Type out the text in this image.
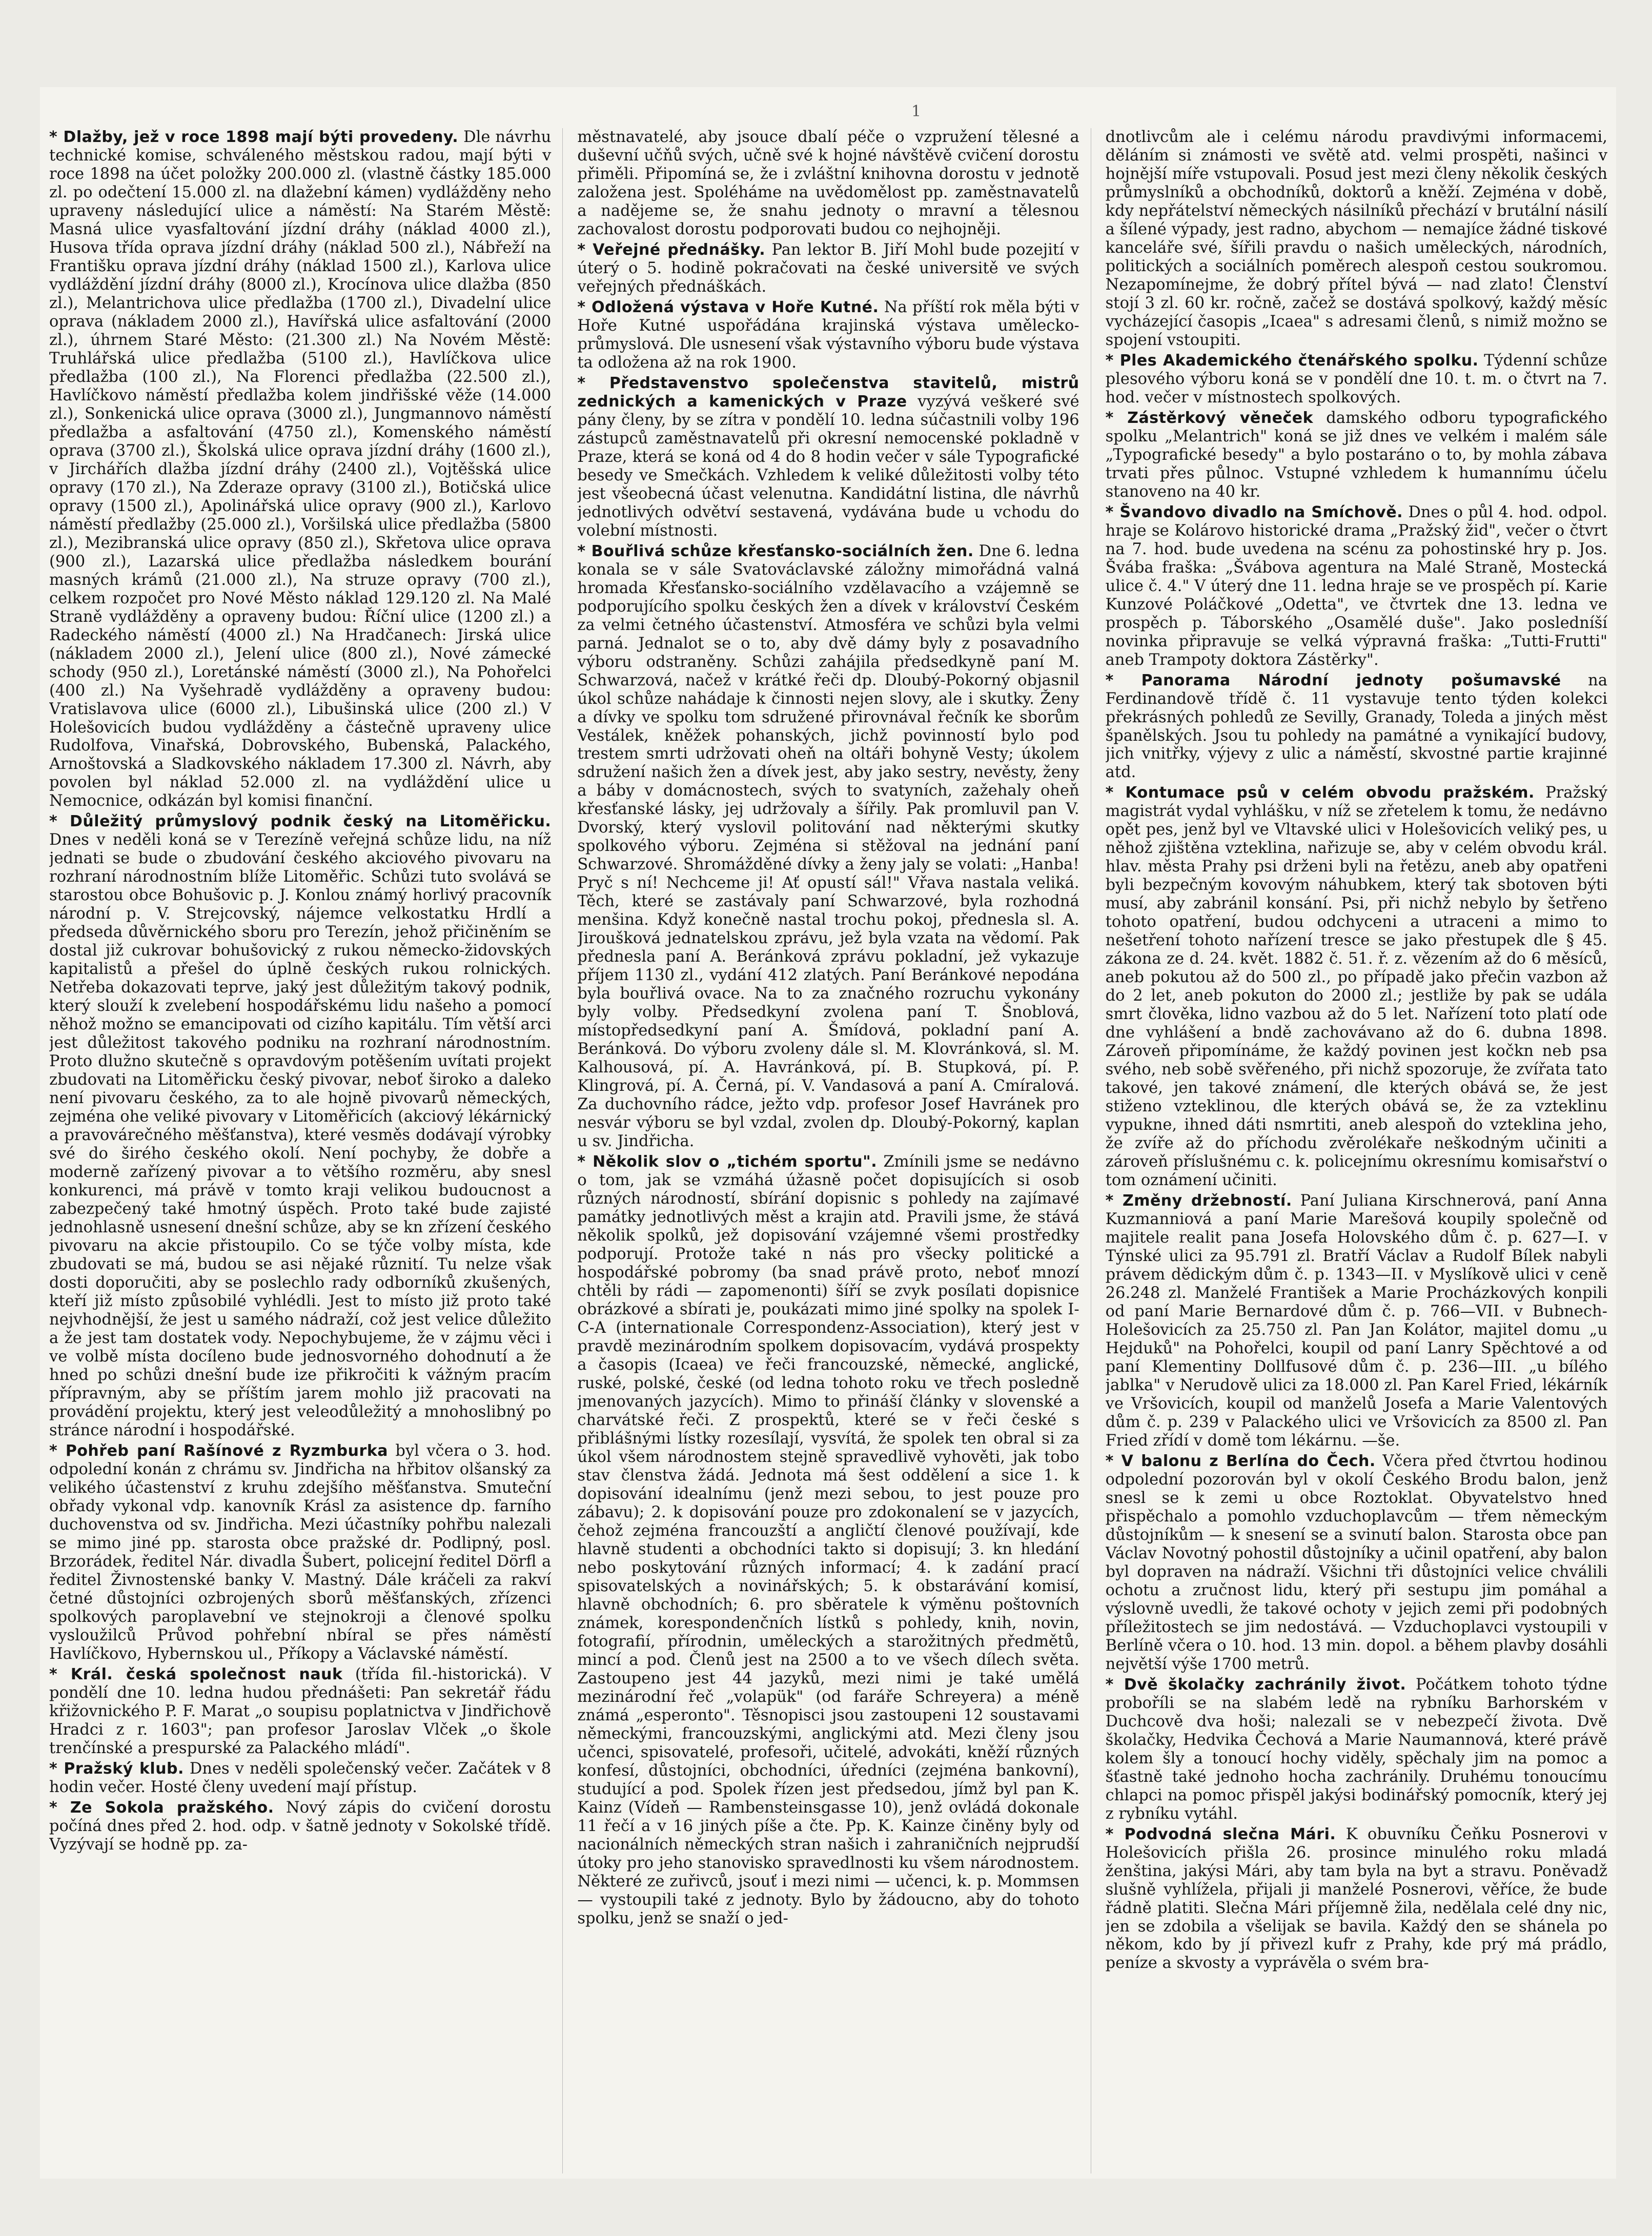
1

* Dlažby, jež v roce 1898 mají býti provedeny. Dle návrhu technické komise, schváleného městskou radou, mají býti v roce 1898 na účet položky 200.000 zl. (vlastně částky 185.000 zl. po odečtení 15.000 zl. na dlažební kámen) vydlážděny neho upraveny následující ulice a náměstí: Na Starém Městě: Masná ulice vyasfaltování jízdní dráhy (náklad 4000 zl.), Husova třída oprava jízdní dráhy (náklad 500 zl.), Nábřeží na Františku oprava jízdní dráhy (náklad 1500 zl.), Karlova ulice vydláždění jízdní dráhy (8000 zl.), Krocínova ulice dlažba (850 zl.), Melantrichova ulice předlažba (1700 zl.), Divadelní ulice oprava (nákladem 2000 zl.), Havířská ulice asfaltování (2000 zl.), úhrnem Staré Město: (21.300 zl.) Na Novém Městě: Truhlářská ulice předlažba (5100 zl.), Havlíčkova ulice předlažba (100 zl.), Na Florenci předlažba (22.500 zl.), Havlíčkovo náměstí předlažba kolem jindřišské věže (14.000 zl.), Sonkenická ulice oprava (3000 zl.), Jungmannovo náměstí předlažba a asfaltování (4750 zl.), Komenského náměstí oprava (3700 zl.), Školská ulice oprava jízdní dráhy (1600 zl.), v Jirchářích dlažba jízdní dráhy (2400 zl.), Vojtěšská ulice opravy (170 zl.), Na Zderaze opravy (3100 zl.), Botičská ulice opravy (1500 zl.), Apolinářská ulice opravy (900 zl.), Karlovo náměstí předlažby (25.000 zl.), Voršilská ulice předlažba (5800 zl.), Mezibranská ulice opravy (850 zl.), Skřetova ulice oprava (900 zl.), Lazarská ulice předlažba následkem bourání masných krámů (21.000 zl.), Na struze opravy (700 zl.), celkem rozpočet pro Nové Město náklad 129.120 zl. Na Malé Straně vydlážděny a opraveny budou: Říční ulice (1200 zl.) a Radeckého náměstí (4000 zl.) Na Hradčanech: Jirská ulice (nákladem 2000 zl.), Jelení ulice (800 zl.), Nové zámecké schody (950 zl.), Loretánské náměstí (3000 zl.), Na Pohořelci (400 zl.) Na Vyšehradě vydlážděny a opraveny budou: Vratislavova ulice (6000 zl.), Libušinská ulice (200 zl.) V Holešovicích budou vydlážděny a částečně upraveny ulice Rudolfova, Vinařská, Dobrovského, Bubenská, Palackého, Arnoštovská a Sladkovského nákladem 17.300 zl. Návrh, aby povolen byl náklad 52.000 zl. na vydláždění ulice u Nemocnice, odkázán byl komisi finanční.

* Důležitý průmyslový podnik český na Litoměřicku. Dnes v neděli koná se v Terezíně veřejná schůze lidu, na níž jednati se bude o zbudování českého akciového pivovaru na rozhraní národnostním blíže Litoměřic. Schůzi tuto svolává se starostou obce Bohušovic p. J. Konlou známý horlivý pracovník národní p. V. Strejcovský, nájemce velkostatku Hrdlí a předseda důvěrnického sboru pro Terezín, jehož přičiněním se dostal již cukrovar bohušovický z rukou německo-židovských kapitalistů a přešel do úplně českých rukou rolnických. Netřeba dokazovati teprve, jaký jest důležitým takový podnik, který slouží k zvelebení hospodářskému lidu našeho a pomocí něhož možno se emancipovati od cizího kapitálu. Tím větší arci jest důležitost takového podniku na rozhraní národnostním. Proto dlužno skutečně s opravdovým potěšením uvítati projekt zbudovati na Litoměřicku český pivovar, neboť široko a daleko není pivovaru českého, za to ale hojně pivovarů německých, zejména ohe veliké pivovary v Litoměřicích (akciový lékárnický a pravovárečného měšťanstva), které vesměs dodávají výrobky své do širého českého okolí. Není pochyby, že dobře a moderně zařízený pivovar a to většího rozměru, aby snesl konkurenci, má právě v tomto kraji velikou budoucnost a zabezpečený také hmotný úspěch. Proto také bude zajisté jednohlasně usnesení dnešní schůze, aby se kn zřízení českého pivovaru na akcie přistoupilo. Co se týče volby místa, kde zbudovati se má, budou se asi nějaké různití. Tu nelze však dosti doporučiti, aby se poslechlo rady odborníků zkušených, kteří již místo způsobilé vyhlédli. Jest to místo již proto také nejvhodnější, že jest u samého nádraží, což jest velice důležito a že jest tam dostatek vody. Nepochybujeme, že v zájmu věci i ve volbě místa docíleno bude jednosvorného dohodnutí a že hned po schůzi dnešní bude ize přikročiti k vážným pracím přípravným, aby se příštím jarem mohlo již pracovati na provádění projektu, který jest veleodůležitý a mnohoslibný po stránce národní i hospodářské.

* Pohřeb paní Rašínové z Ryzmburka byl včera o 3. hod. odpolední konán z chrámu sv. Jindřicha na hřbitov olšanský za velikého účastenství z kruhu zdejšího měšťanstva. Smuteční obřady vykonal vdp. kanovník Krásl za asistence dp. farního duchovenstva od sv. Jindřicha. Mezi účastníky pohřbu nalezali se mimo jiné pp. starosta obce pražské dr. Podlipný, posl. Brzorádek, ředitel Nár. divadla Šubert, policejní ředitel Dörfl a ředitel Živnostenské banky V. Mastný. Dále kráčeli za rakví četné důstojníci ozbrojených sborů měšťanských, zřízenci spolkových paroplavební ve stejnokroji a členové spolku vysloužilců Průvod pohřební nbíral se přes náměstí Havlíčkovo, Hybernskou ul., Příkopy a Václavské náměstí.

* Král. česká společnost nauk (třída fil.-historická). V pondělí dne 10. ledna hudou přednášeti: Pan sekretář řádu křižovnického P. F. Marat „o soupisu poplatnictva v Jindřichově Hradci z r. 1603"; pan profesor Jaroslav Vlček „o škole trenčínské a prespurské za Palackého mládí".

* Pražský klub. Dnes v neděli společenský večer. Začátek v 8 hodin večer. Hosté členy uvedení mají přístup.

* Ze Sokola pražského. Nový zápis do cvičení dorostu počíná dnes před 2. hod. odp. v šatně jednoty v Sokolské třídě. Vyzývají se hodně pp. za-

městnavatelé, aby jsouce dbalí péče o vzpružení tělesné a duševní učňů svých, učně své k hojné návštěvě cvičení dorostu přiměli. Připomíná se, že i zvláštní knihovna dorostu v jednotě založena jest. Spoléháme na uvědomělost pp. zaměstnavatelů a nadějeme se, že snahu jednoty o mravní a tělesnou zachovalost dorostu podporovati budou co nejhojněji.

* Veřejné přednášky. Pan lektor B. Jiří Mohl bude pozejití v úterý o 5. hodině pokračovati na české universitě ve svých veřejných přednáškách.

* Odložená výstava v Hoře Kutné. Na příští rok měla býti v Hoře Kutné uspořádána krajinská výstava umělecko-průmyslová. Dle usnesení však výstavního výboru bude výstava ta odložena až na rok 1900.

* Představenstvo společenstva stavitelů, mistrů zednických a kamenických v Praze vyzývá veškeré své pány členy, by se zítra v pondělí 10. ledna súčastnili volby 196 zástupců zaměstnavatelů při okresní nemocenské pokladně v Praze, která se koná od 4 do 8 hodin večer v sále Typografické besedy ve Smečkách. Vzhledem k veliké důležitosti volby této jest všeobecná účast velenutna. Kandidátní listina, dle návrhů jednotlivých odvětví sestavená, vydávána bude u vchodu do volební místnosti.

* Bouřlivá schůze křesťansko-sociálních žen. Dne 6. ledna konala se v sále Svatováclavské záložny mimořádná valná hromada Křesťansko-sociálního vzdělavacího a vzájemně se podporujícího spolku českých žen a dívek v království Českém za velmi četného účastenství. Atmosféra ve schůzi byla velmi parná. Jednalot se o to, aby dvě dámy byly z posavadního výboru odstraněny. Schůzi zahájila předsedkyně paní M. Schwarzová, načež v krátké řeči dp. Dloubý-Pokorný objasnil úkol schůze nahádaje k činnosti nejen slovy, ale i skutky. Ženy a dívky ve spolku tom sdružené přirovnával řečník ke sborům Vestálek, kněžek pohanských, jichž povinností bylo pod trestem smrti udržovati oheň na oltáři bohyně Vesty; úkolem sdružení našich žen a dívek jest, aby jako sestry, nevěsty, ženy a báby v domácnostech, svých to svatyních, zažehaly oheň křesťanské lásky, jej udržovaly a šířily. Pak promluvil pan V. Dvorský, který vyslovil politování nad některými skutky spolkového výboru. Zejména si stěžoval na jednání paní Schwarzové. Shromážděné dívky a ženy jaly se volati: „Hanba! Pryč s ní! Nechceme ji! Ať opustí sál!" Vřava nastala veliká. Těch, které se zastávaly paní Schwarzové, byla rozhodná menšina. Když konečně nastal trochu pokoj, přednesla sl. A. Jiroušková jednatelskou zprávu, jež byla vzata na vědomí. Pak přednesla paní A. Beránková zprávu pokladní, jež vykazuje příjem 1130 zl., vydání 412 zlatých. Paní Beránkové nepodána byla bouřlivá ovace. Na to za značného rozruchu vykonány byly volby. Předsedkyní zvolena paní T. Šnoblová, místopředsedkyní paní A. Šmídová, pokladní paní A. Beránková. Do výboru zvoleny dále sl. M. Klovránková, sl. M. Kalhousová, pí. A. Havránková, pí. B. Stupková, pí. P. Klingrová, pí. A. Černá, pí. V. Vandasová a paní A. Cmíralová. Za duchovního rádce, ježto vdp. profesor Josef Havránek pro nesvár výboru se byl vzdal, zvolen dp. Dloubý-Pokorný, kaplan u sv. Jindřicha.

* Několik slov o „tichém sportu". Zmínili jsme se nedávno o tom, jak se vzmáhá úžasně počet dopisujících si osob různých národností, sbírání dopisnic s pohledy na zajímavé památky jednotlivých měst a krajin atd. Pravili jsme, že stává několik spolků, jež dopisování vzájemné všemi prostředky podporují. Protože také n nás pro všecky politické a hospodářské pobromy (ba snad právě proto, neboť mnozí chtěli by rádi — zapomenonti) šíří se zvyk posílati dopisnice obrázkové a sbírati je, poukázati mimo jiné spolky na spolek I-C-A (internationale Correspondenz-Association), který jest v pravdě mezinárodním spolkem dopisovacím, vydává prospekty a časopis (Icaea) ve řeči francouzské, německé, anglické, ruské, polské, české (od ledna tohoto roku ve třech posledně jmenovaných jazycích). Mimo to přináší články v slovenské a charvátské řeči. Z prospektů, které se v řeči české s přiblášnými lístky rozesílají, vysvítá, že spolek ten obral si za úkol všem národnostem stejně spravedlivě vyhověti, jak tobo stav členstva žádá. Jednota má šest oddělení a sice 1. k dopisování idealnímu (jenž mezi sebou, to jest pouze pro zábavu); 2. k dopisování pouze pro zdokonalení se v jazycích, čehož zejména francouzští a angličtí členové používají, kde hlavně studenti a obchodníci takto si dopisují; 3. kn hledání nebo poskytování různých informací; 4. k zadání prací spisovatelských a novinářských; 5. k obstarávání komisí, hlavně obchodních; 6. pro sběratele k výměnu poštovních známek, korespondenčních lístků s pohledy, knih, novin, fotografií, přírodnin, uměleckých a starožitných předmětů, mincí a pod. Členů jest na 2500 a to ve všech dílech světa. Zastoupeno jest 44 jazyků, mezi nimi je také umělá mezinárodní řeč „volapük" (od faráře Schreyera) a méně známá „esperonto". Těsnopisci jsou zastoupeni 12 soustavami německými, francouzskými, anglickými atd. Mezi členy jsou učenci, spisovatelé, profesoři, učitelé, advokáti, kněží různých konfesí, důstojníci, obchodníci, úředníci (zejména bankovní), studující a pod. Spolek řízen jest předsedou, jímž byl pan K. Kainz (Vídeň — Rambensteinsgasse 10), jenž ovládá dokonale 11 řečí a v 16 jiných píše a čte. Pp. K. Kainze činěny byly od nacionálních německých stran našich i zahraničních nejprudší útoky pro jeho stanovisko spravedlnosti ku všem národnostem. Některé ze zuřivců, jsouť i mezi nimi — učenci, k. p. Mommsen — vystoupili také z jednoty. Bylo by žádoucno, aby do tohoto spolku, jenž se snaží o jed-

dnotlivcům ale i celému národu pravdivými informacemi, děláním si známosti ve světě atd. velmi prospěti, našinci v hojnější míře vstupovali. Posud jest mezi členy několik českých průmyslníků a obchodníků, doktorů a kněží. Zejména v době, kdy nepřátelství německých násilníků přechází v brutální násilí a šílené výpady, jest radno, abychom — nemajíce žádné tiskové kanceláře své, šířili pravdu o našich uměleckých, národních, politických a sociálních poměrech alespoň cestou soukromou. Nezapomínejme, že dobrý přítel bývá — nad zlato! Členství stojí 3 zl. 60 kr. ročně, začež se dostává spolkový, každý měsíc vycházející časopis „Icaea" s adresami členů, s nimiž možno se spojení vstoupiti.

* Ples Akademického čtenářského spolku. Týdenní schůze plesového výboru koná se v pondělí dne 10. t. m. o čtvrt na 7. hod. večer v místnostech spolkových.

* Zástěrkový věneček damského odboru typografického spolku „Melantrich" koná se již dnes ve velkém i malém sále „Typografické besedy" a bylo postaráno o to, by mohla zábava trvati přes půlnoc. Vstupné vzhledem k humannímu účelu stanoveno na 40 kr.

* Švandovo divadlo na Smíchově. Dnes o půl 4. hod. odpol. hraje se Kolárovo historické drama „Pražský žid", večer o čtvrt na 7. hod. bude uvedena na scénu za pohostinské hry p. Jos. Švába fraška: „Švábova agentura na Malé Straně, Mostecká ulice č. 4." V úterý dne 11. ledna hraje se ve prospěch pí. Karie Kunzové Poláčkové „Odetta", ve čtvrtek dne 13. ledna ve prospěch p. Táborského „Osamělé duše". Jako posledníší novinka připravuje se velká výpravná fraška: „Tutti-Frutti" aneb Trampoty doktora Zástěrky".

* Panorama Národní jednoty pošumavské na Ferdinandově třídě č. 11 vystavuje tento týden kolekci překrásných pohledů ze Sevilly, Granady, Toleda a jiných měst španělských. Jsou tu pohledy na památné a vynikající budovy, jich vnitřky, výjevy z ulic a náměstí, skvostné partie krajinné atd.

* Kontumace psů v celém obvodu pražském. Pražský magistrát vydal vyhlášku, v níž se zřetelem k tomu, že nedávno opět pes, jenž byl ve Vltavské ulici v Holešovicích veliký pes, u něhož zjištěna vzteklina, nařizuje se, aby v celém obvodu král. hlav. města Prahy psi drženi byli na řetězu, aneb aby opatřeni byli bezpečným kovovým náhubkem, který tak sbotoven býti musí, aby zabránil konsání. Psi, při nichž nebylo by šetřeno tohoto opatření, budou odchyceni a utraceni a mimo to nešetření tohoto nařízení tresce se jako přestupek dle § 45. zákona ze d. 24. květ. 1882 č. 51. ř. z. vězením až do 6 měsíců, aneb pokutou až do 500 zl., po případě jako přečin vazbon až do 2 let, aneb pokuton do 2000 zl.; jestliže by pak se udála smrt člověka, lidno vazbou až do 5 let. Nařízení toto platí ode dne vyhlášení a bndě zachovávano až do 6. dubna 1898. Zároveň připomínáme, že každý povinen jest kočkn neb psa svého, neb sobě svěřeného, při nichž spozoruje, že zvířata tato takové, jen takové známení, dle kterých obává se, že jest stiženo vzteklinou, dle kterých obává se, že za vzteklinu vypukne, ihned dáti nsmrtiti, aneb alespoň do vzteklina jeho, že zvíře až do příchodu zvěrolékaře neškodným učiniti a zároveň příslušnému c. k. policejnímu okresnímu komisařství o tom oznámení učiniti.

* Změny držebností. Paní Juliana Kirschnerová, paní Anna Kuzmanniová a paní Marie Marešová koupily společně od majitele realit pana Josefa Holovského dům č. p. 627—I. v Týnské ulici za 95.791 zl. Bratří Václav a Rudolf Bílek nabyli právem dědickým dům č. p. 1343—II. v Myslíkově ulici v ceně 26.248 zl. Manželé František a Marie Procházkových konpili od paní Marie Bernardové dům č. p. 766—VII. v Bubnech-Holešovicích za 25.750 zl. Pan Jan Kolátor, majitel domu „u Hejduků" na Pohořelci, koupil od paní Lanry Spěchtové a od paní Klementiny Dollfusové dům č. p. 236—III. „u bílého jablka" v Nerudově ulici za 18.000 zl. Pan Karel Fried, lékárník ve Vršovicích, koupil od manželů Josefa a Marie Valentových dům č. p. 239 v Palackého ulici ve Vršovicích za 8500 zl. Pan Fried zřídí v domě tom lékárnu. —še.

* V balonu z Berlína do Čech. Včera před čtvrtou hodinou odpolední pozorován byl v okolí Českého Brodu balon, jenž snesl se k zemi u obce Roztoklat. Obyvatelstvo hned přispěchalo a pomohlo vzduchoplavcům — třem německým důstojníkům — k snesení se a svinutí balon. Starosta obce pan Václav Novotný pohostil důstojníky a učinil opatření, aby balon byl dopraven na nádraží. Všichni tři důstojníci velice chválili ochotu a zručnost lidu, který při sestupu jim pomáhal a výslovně uvedli, že takové ochoty v jejich zemi při podobných příležitostech se jim nedostává. — Vzduchoplavci vystoupili v Berlíně včera o 10. hod. 13 min. dopol. a během plavby dosáhli největší výše 1700 metrů.

* Dvě školačky zachránily život. Počátkem tohoto týdne proboříli se na slabém ledě na rybníku Barhorském v Duchcově dva hoši; nalezali se v nebezpečí života. Dvě školačky, Hedvika Čechová a Marie Naumannová, které právě kolem šly a tonoucí hochy viděly, spěchaly jim na pomoc a šťastně také jednoho hocha zachránily. Druhému tonoucímu chlapci na pomoc přispěl jakýsi bodinářský pomocník, který jej z rybníku vytáhl.

* Podvodná slečna Mári. K obuvníku Čeňku Posnerovi v Holešovicích přišla 26. prosince minulého roku mladá ženština, jakýsi Mári, aby tam byla na byt a stravu. Poněvadž slušně vyhlížela, přijali ji manželé Posnerovi, věříce, že bude řádně platiti. Slečna Mári příjemně žila, nedělala celé dny nic, jen se zdobila a všelijak se bavila. Každý den se shánela po někom, kdo by jí přivezl kufr z Prahy, kde prý má prádlo, peníze a skvosty a vyprávěla o svém bra-
